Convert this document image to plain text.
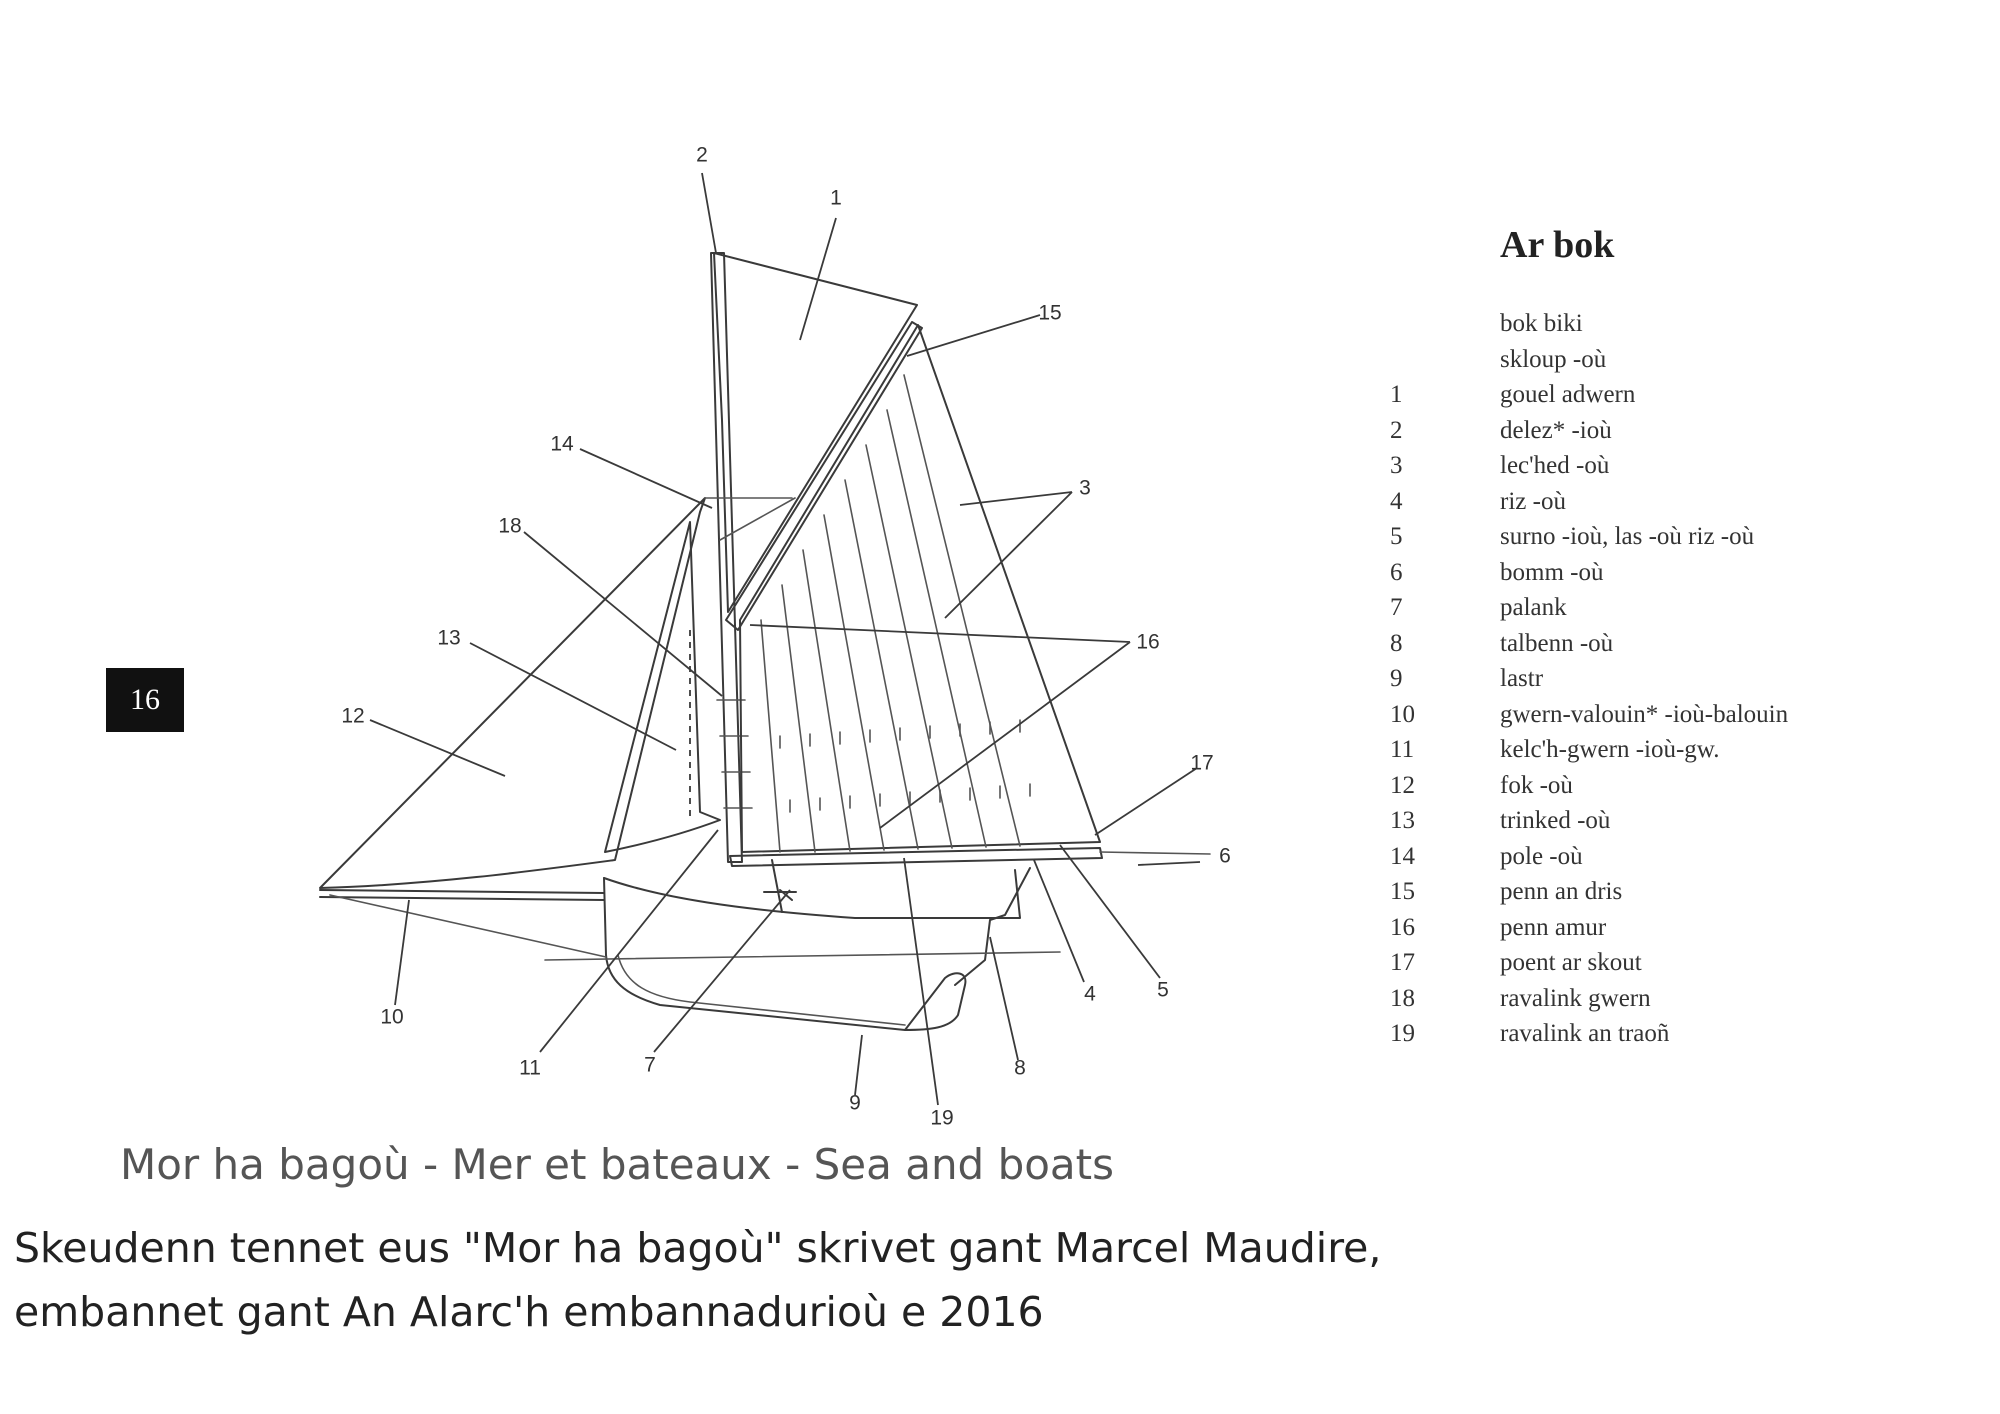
1
2
3
4	5
6
7	8
9
10
11
12
13
14
15
16
17
18
19
16
Ar bok
bok biki
skloup -où
1	gouel adwern
2	delez* -ioù
3	lec'hed -où
4	riz -où
5	surno -ioù, las -où riz -où
6	bomm -où
7	palank
8	talbenn -où
9	lastr
10	gwern-valouin* -ioù-balouin
11	kelc'h-gwern -ioù-gw.
12	fok -où
13	trinked -où
14	pole -où
15	penn an dris
16	penn amur
17	poent ar skout
18	ravalink gwern
19	ravalink an traoñ
Mor ha bagoù - Mer et bateaux - Sea and boats
Skeudenn tennet eus "Mor ha bagoù" skrivet gant Marcel Maudire,
embannet gant An Alarc'h embannadurioù e 2016
